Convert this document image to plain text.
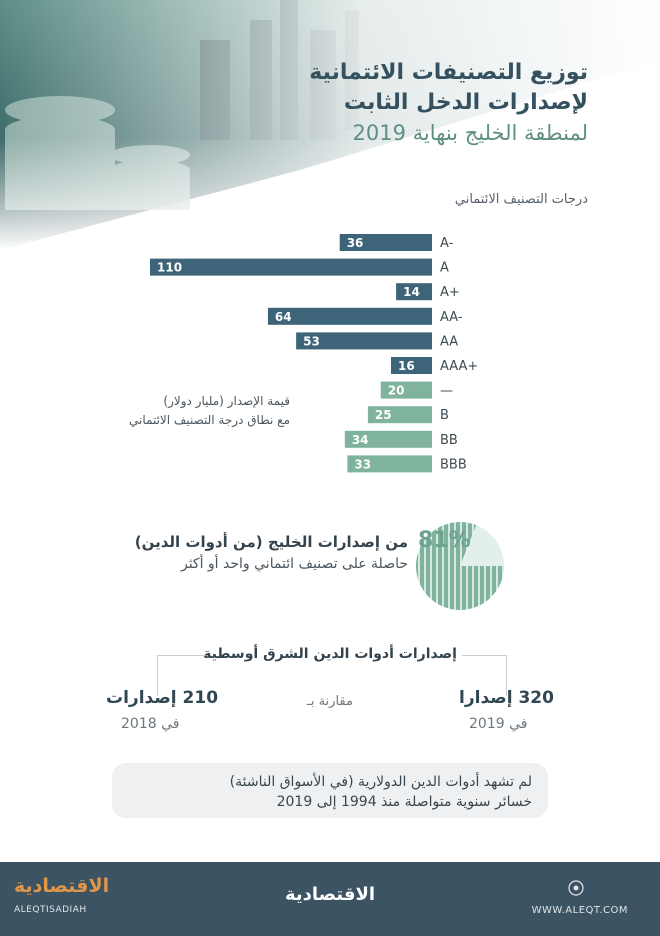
توزيع التصنيفات الائتمانية
لإصدارات الدخل الثابت
لمنطقة الخليج بنهاية 2019
درجات التصنيف الائتماني
36	A-
110	A
14 A+
64	AA-
53	AA
16 AAA+
20	—
25	B
34	BB
33	BBB
قيمة الإصدار (مليار دولار)
مع نطاق درجة التصنيف الائتماني
81%
من إصدارات الخليج (من أدوات الدين)
حاصلة على تصنيف ائتماني واحد أو أكثر
إصدارات أدوات الدين الشرق أوسطية
210 إصدارات
في 2018
مقارنة بـ	320 إصدارا
في 2019
لم تشهد أدوات الدين الدولارية (في الأسواق الناشئة)
خسائر سنوية متواصلة منذ 1994 إلى 2019
الاقتصادية
ALEQTISADIAH
الاقتصادية
WWW.ALEQT.COM
